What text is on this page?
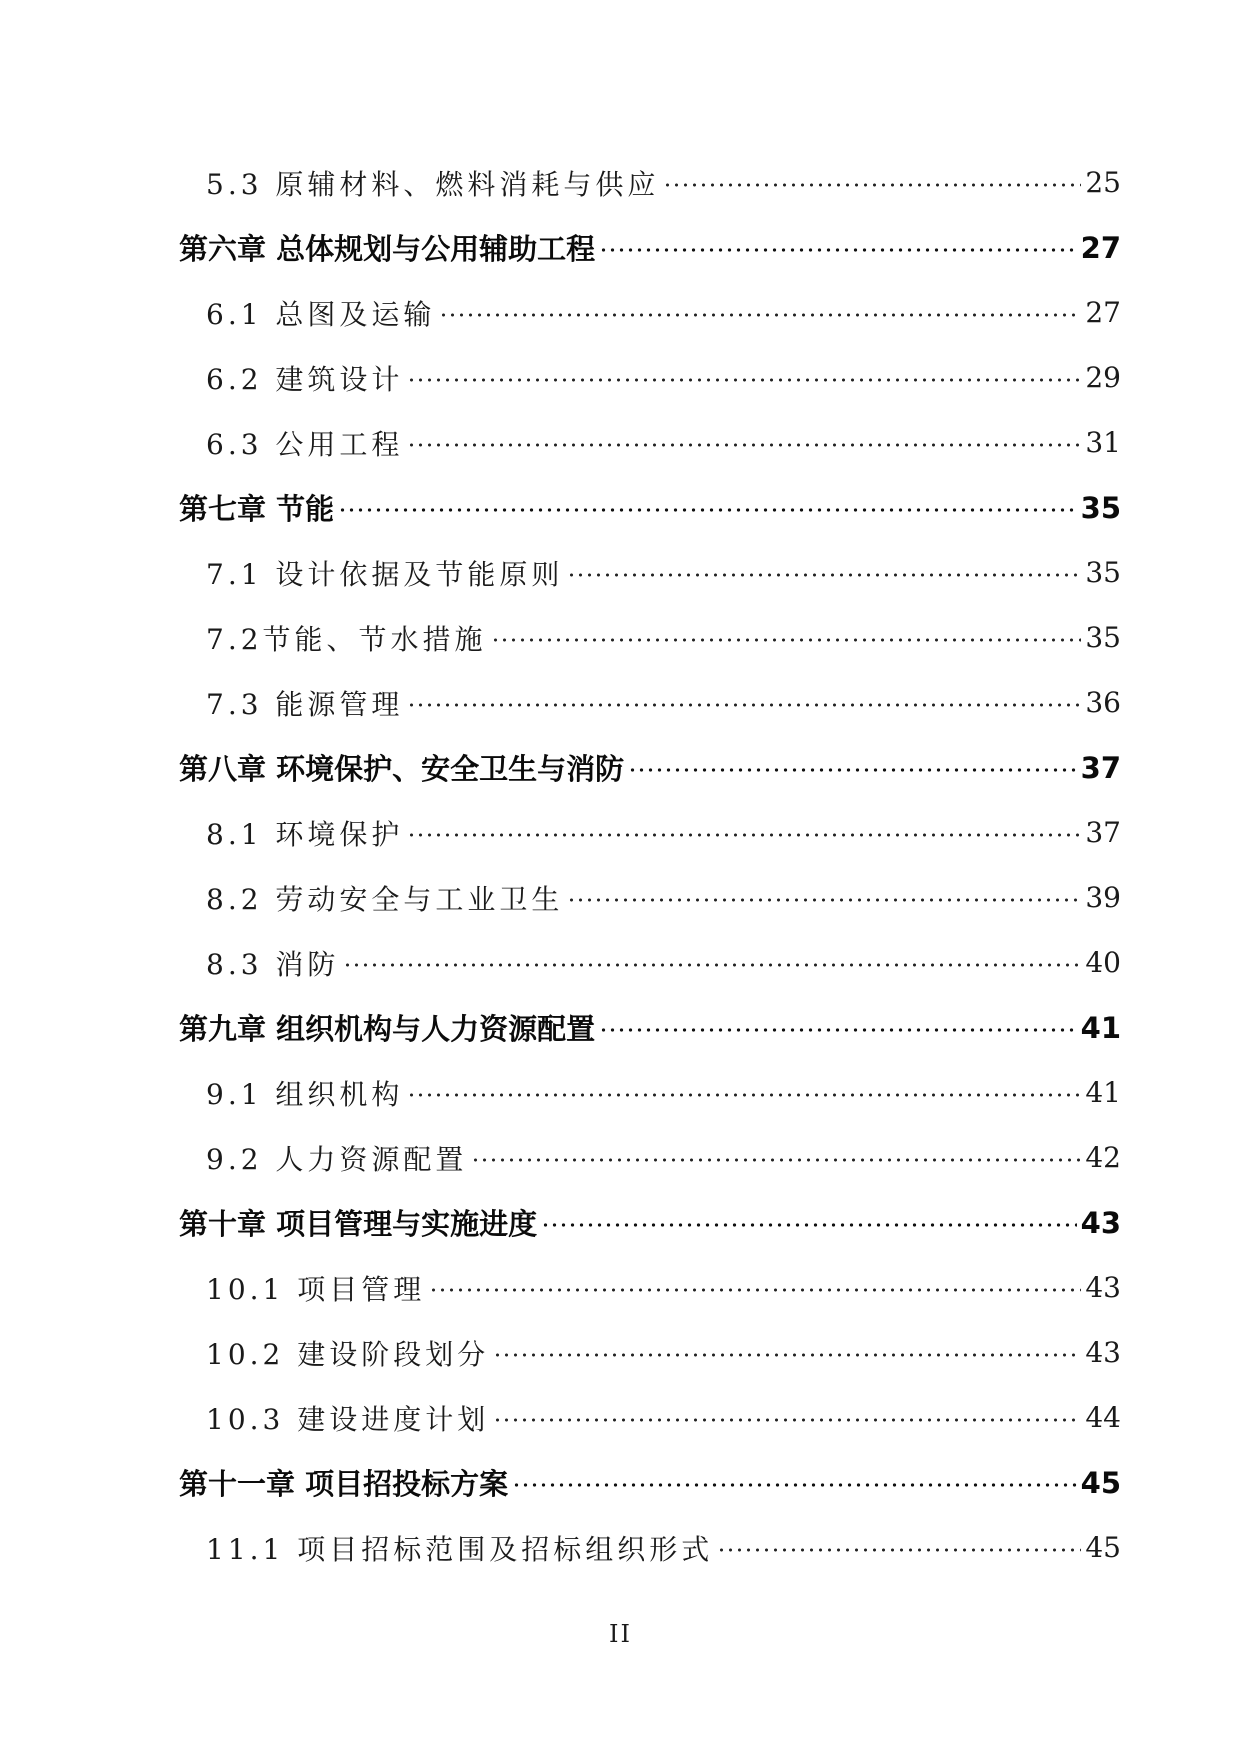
5.3 原辅材料、燃料消耗与供应	25
第六章 总体规划与公用辅助工程	27
6.1 总图及运输	27
6.2 建筑设计	29
6.3 公用工程	31
第七章 节能	35
7.1 设计依据及节能原则	35
7.2节能、节水措施	35
7.3 能源管理	36
第八章 环境保护、安全卫生与消防	37
8.1 环境保护	37
8.2 劳动安全与工业卫生	39
8.3 消防	40
第九章 组织机构与人力资源配置	41
9.1 组织机构	41
9.2 人力资源配置	42
第十章 项目管理与实施进度	43
10.1 项目管理	43
10.2 建设阶段划分	43
10.3 建设进度计划	44
第十一章 项目招投标方案	45
11.1 项目招标范围及招标组织形式	45
II
